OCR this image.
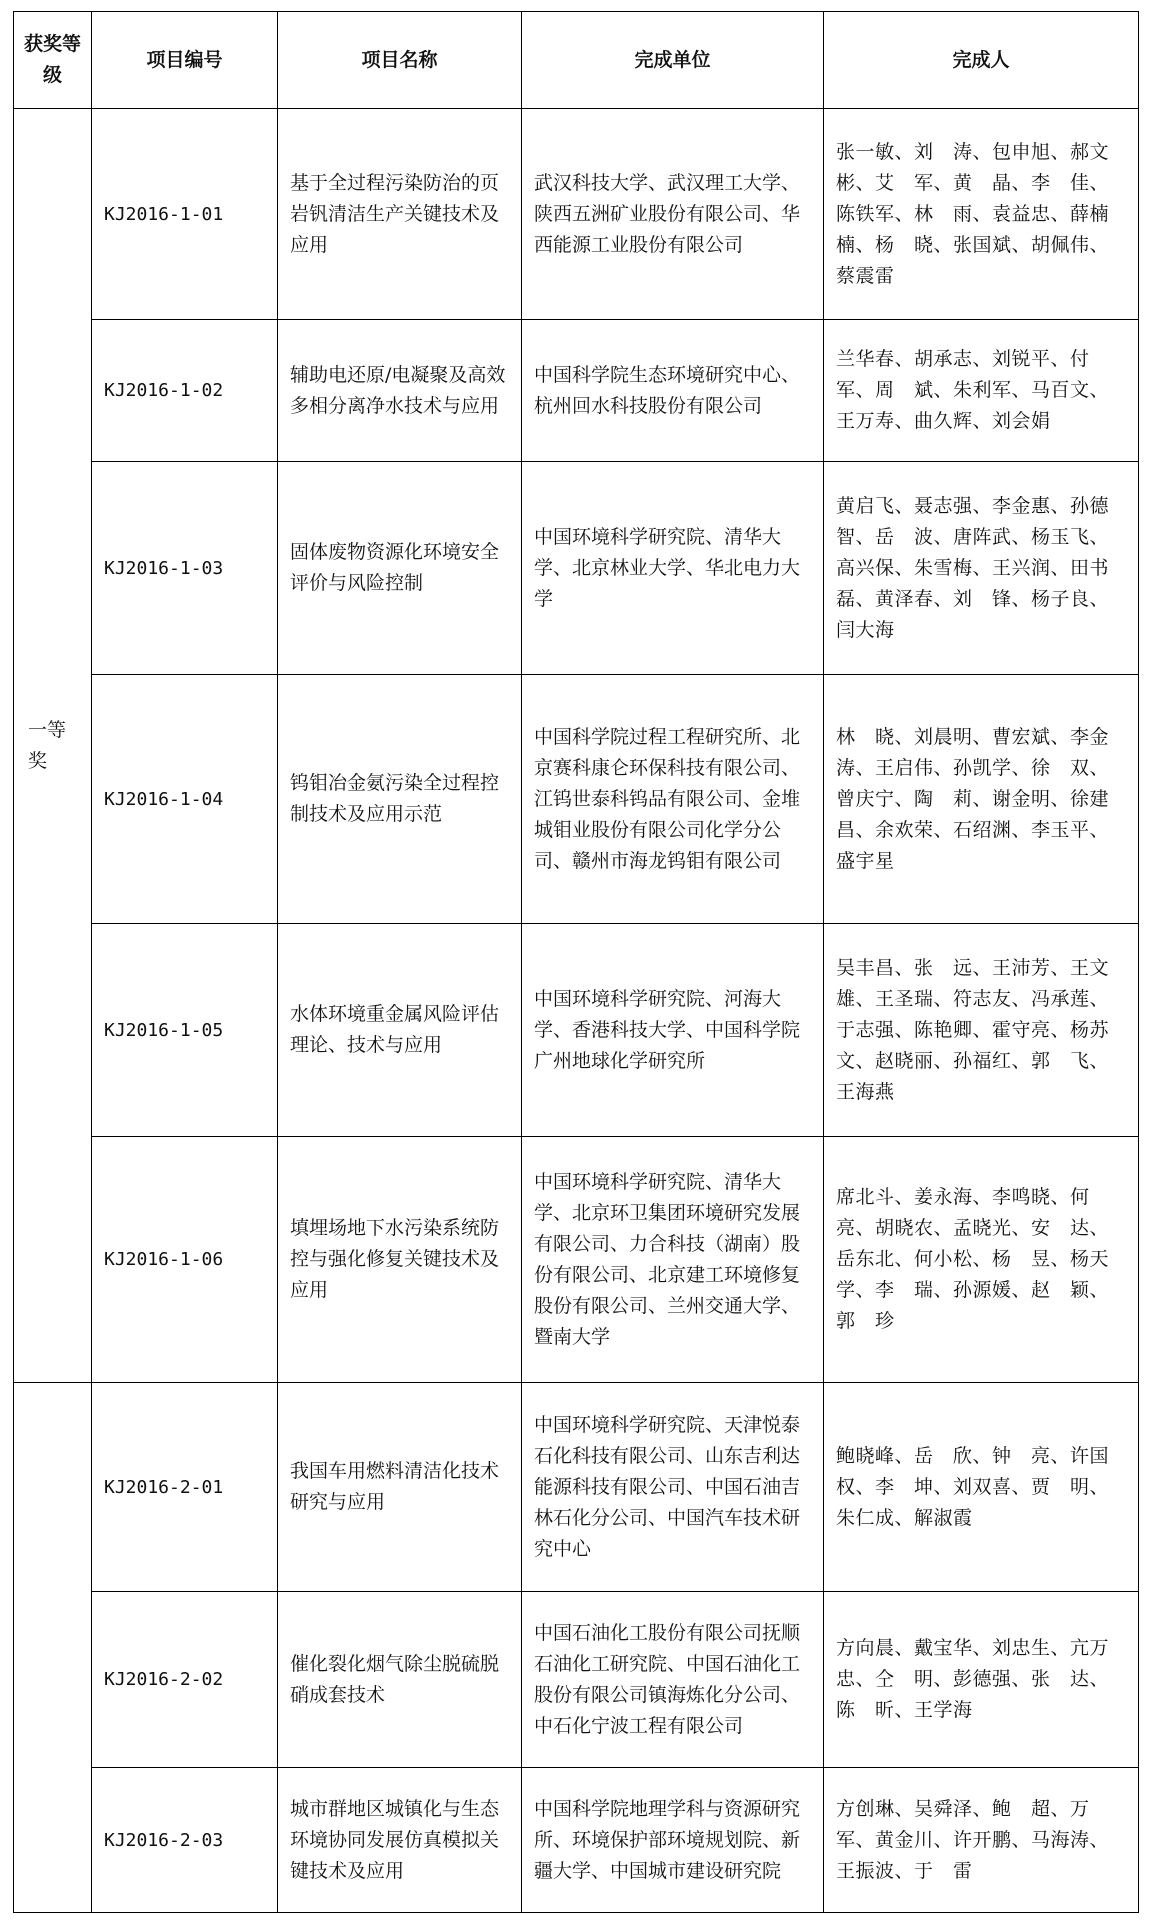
获奖等级	项目编号	项目名称	完成单位	完成人
一等奖	KJ2016-1-01	基于全过程污染防治的页岩钒清洁生产关键技术及应用	武汉科技大学、武汉理工大学、陕西五洲矿业股份有限公司、华西能源工业股份有限公司	张一敏、刘　涛、包申旭、郝文彬、艾　军、黄　晶、李　佳、陈铁军、林　雨、袁益忠、薛楠楠、杨　晓、张国斌、胡佩伟、蔡震雷
	KJ2016-1-02	辅助电还原/电凝聚及高效多相分离净水技术与应用	中国科学院生态环境研究中心、杭州回水科技股份有限公司	兰华春、胡承志、刘锐平、付　军、周　斌、朱利军、马百文、王万寿、曲久辉、刘会娟
	KJ2016-1-03	固体废物资源化环境安全评价与风险控制	中国环境科学研究院、清华大学、北京林业大学、华北电力大学	黄启飞、聂志强、李金惠、孙德智、岳　波、唐阵武、杨玉飞、高兴保、朱雪梅、王兴润、田书磊、黄泽春、刘　锋、杨子良、闫大海
	KJ2016-1-04	钨钼冶金氨污染全过程控制技术及应用示范	中国科学院过程工程研究所、北京赛科康仑环保科技有限公司、江钨世泰科钨品有限公司、金堆城钼业股份有限公司化学分公司、赣州市海龙钨钼有限公司	林　晓、刘晨明、曹宏斌、李金涛、王启伟、孙凯学、徐　双、曾庆宁、陶　莉、谢金明、徐建昌、余欢荣、石绍渊、李玉平、盛宇星
	KJ2016-1-05	水体环境重金属风险评估理论、技术与应用	中国环境科学研究院、河海大学、香港科技大学、中国科学院广州地球化学研究所	吴丰昌、张　远、王沛芳、王文雄、王圣瑞、符志友、冯承莲、于志强、陈艳卿、霍守亮、杨苏文、赵晓丽、孙福红、郭　飞、王海燕
	KJ2016-1-06	填埋场地下水污染系统防控与强化修复关键技术及应用	中国环境科学研究院、清华大学、北京环卫集团环境研究发展有限公司、力合科技（湖南）股份有限公司、北京建工环境修复股份有限公司、兰州交通大学、暨南大学	席北斗、姜永海、李鸣晓、何　亮、胡晓农、孟晓光、安　达、岳东北、何小松、杨　昱、杨天学、李　瑞、孙源媛、赵　颖、郭　珍
	KJ2016-2-01	我国车用燃料清洁化技术研究与应用	中国环境科学研究院、天津悦泰石化科技有限公司、山东吉利达能源科技有限公司、中国石油吉林石化分公司、中国汽车技术研究中心	鲍晓峰、岳　欣、钟　亮、许国权、李　坤、刘双喜、贾　明、朱仁成、解淑霞
	KJ2016-2-02	催化裂化烟气除尘脱硫脱硝成套技术	中国石油化工股份有限公司抚顺石油化工研究院、中国石油化工股份有限公司镇海炼化分公司、中石化宁波工程有限公司	方向晨、戴宝华、刘忠生、亢万忠、仝　明、彭德强、张　达、陈　昕、王学海
	KJ2016-2-03	城市群地区城镇化与生态环境协同发展仿真模拟关键技术及应用	中国科学院地理学科与资源研究所、环境保护部环境规划院、新疆大学、中国城市建设研究院	方创琳、吴舜泽、鲍　超、万　军、黄金川、许开鹏、马海涛、王振波、于　雷
